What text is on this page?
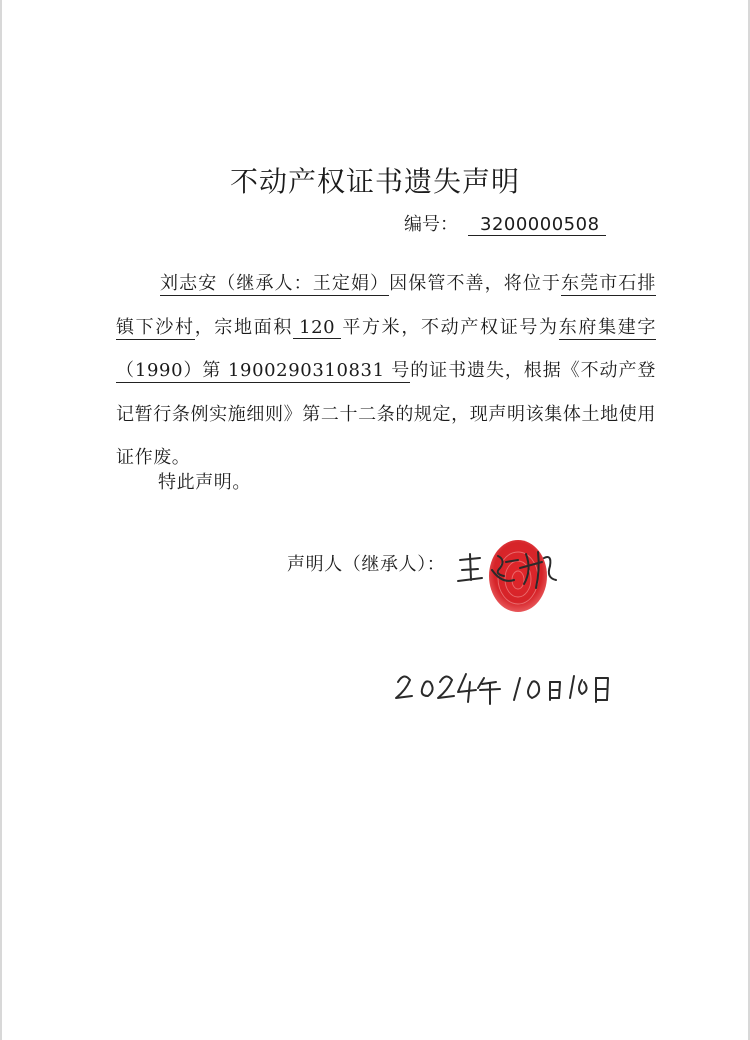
不动产权证书遗失声明
编号： 3200000508
刘志安（继承人：王定娟）因保管不善，将位于东莞市石排镇下沙村，宗地面积 120 平方米，不动产权证号为东府集建字（1990）第 1900290310831 号的证书遗失，根据《不动产登记暂行条例实施细则》第二十二条的规定，现声明该集体土地使用证作废。
特此声明。
声明人（继承人）：
